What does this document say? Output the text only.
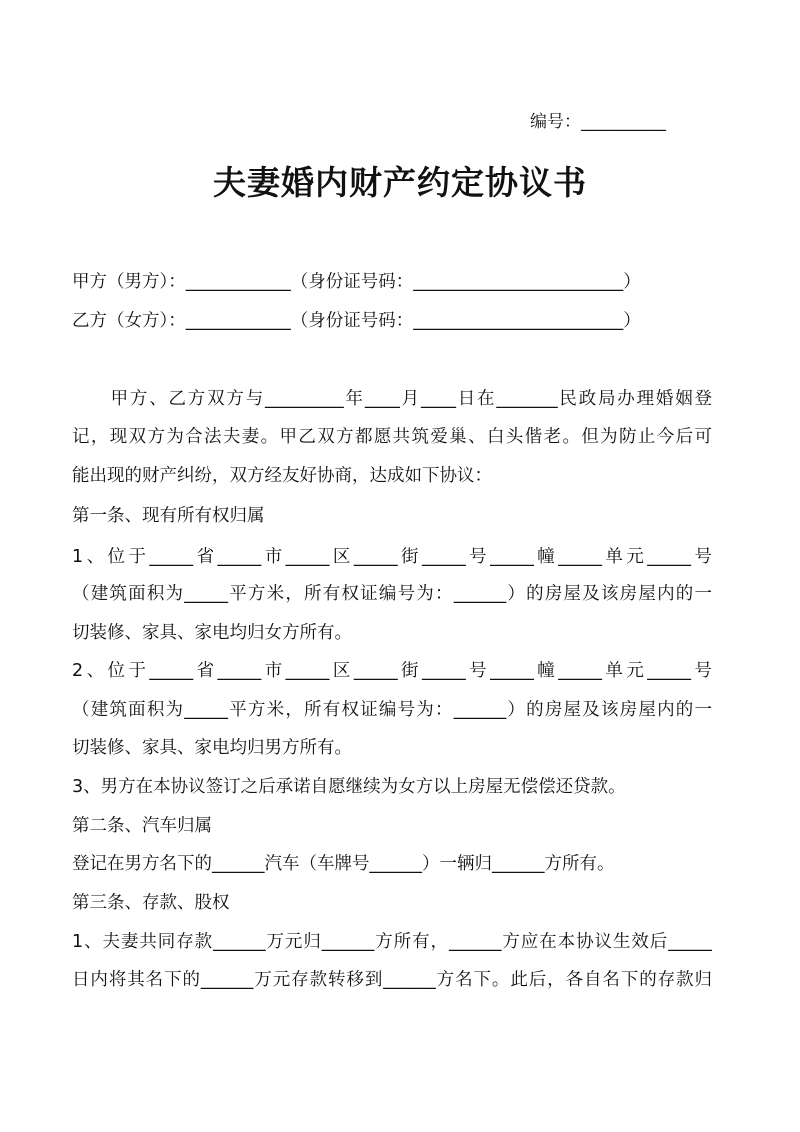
编号：__________
夫妻婚内财产约定协议书
甲方（男方）：____________（身份证号码：________________________）
乙方（女方）：____________（身份证号码：________________________）
　　甲方、乙方双方与_________年____月____日在_______民政局办理婚姻登
记，现双方为合法夫妻。甲乙双方都愿共筑爱巢、白头偕老。但为防止今后可
能出现的财产纠纷，双方经友好协商，达成如下协议：
第一条、现有所有权归属
1、位于_____省_____市_____区_____街_____号_____幢_____单元_____号
（建筑面积为_____平方米，所有权证编号为：______）的房屋及该房屋内的一
切装修、家具、家电均归女方所有。
2、位于_____省_____市_____区_____街_____号_____幢_____单元_____号
（建筑面积为_____平方米，所有权证编号为：______）的房屋及该房屋内的一
切装修、家具、家电均归男方所有。
3、男方在本协议签订之后承诺自愿继续为女方以上房屋无偿偿还贷款。
第二条、汽车归属
登记在男方名下的______汽车（车牌号______）一辆归______方所有。
第三条、存款、股权
1、夫妻共同存款______万元归______方所有，______方应在本协议生效后_____
日内将其名下的______万元存款转移到______方名下。此后，各自名下的存款归
